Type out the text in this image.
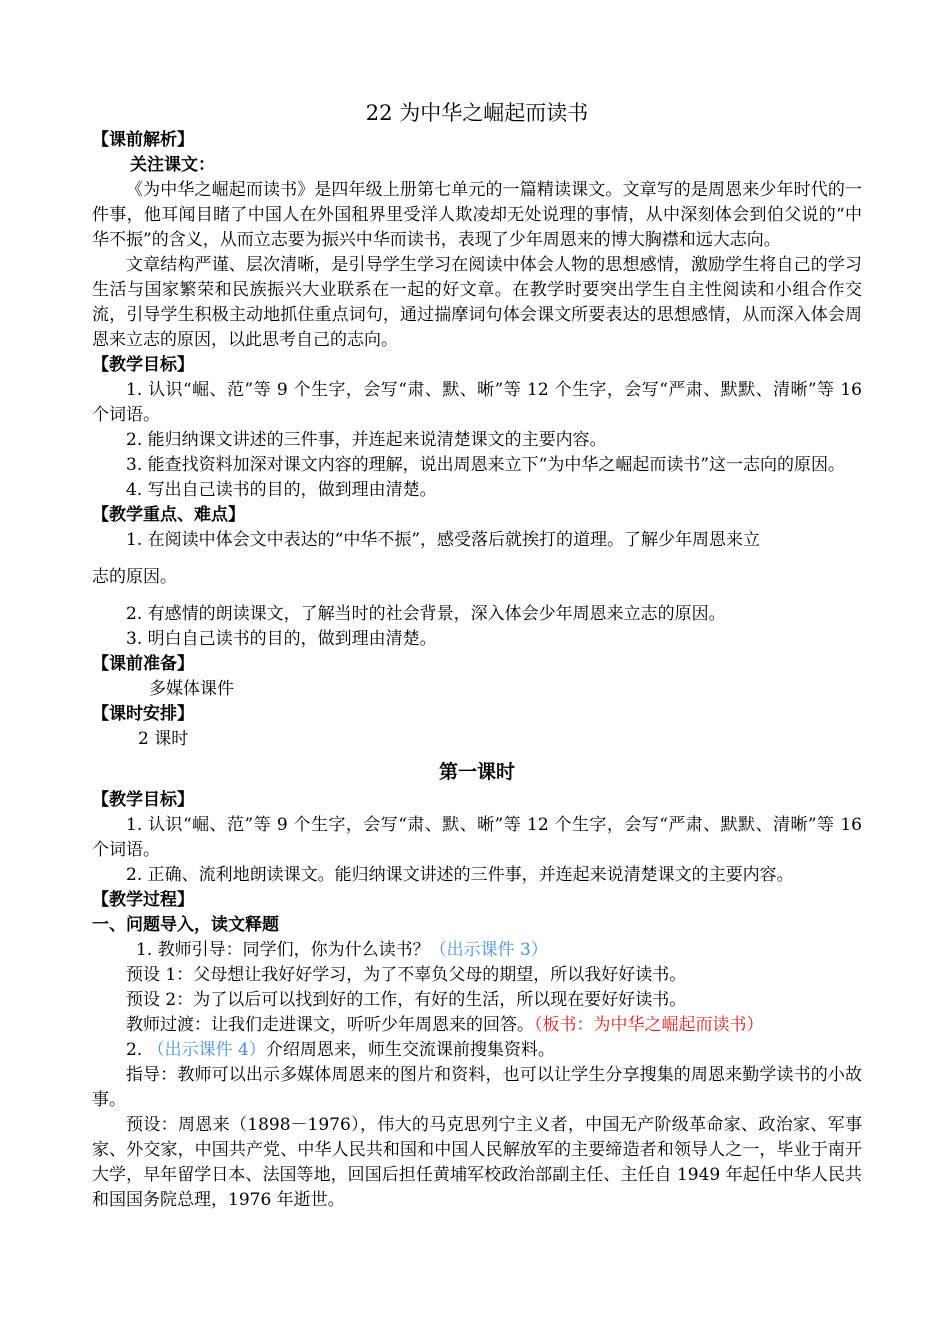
22 为中华之崛起而读书
【课前解析】
关注课文：
《为中华之崛起而读书》是四年级上册第七单元的一篇精读课文。文章写的是周恩来少年时代的一件事，他耳闻目睹了中国人在外国租界里受洋人欺凌却无处说理的事情，从中深刻体会到伯父说的“中华不振”的含义，从而立志要为振兴中华而读书，表现了少年周恩来的博大胸襟和远大志向。
文章结构严谨、层次清晰，是引导学生学习在阅读中体会人物的思想感情，激励学生将自己的学习生活与国家繁荣和民族振兴大业联系在一起的好文章。在教学时要突出学生自主性阅读和小组合作交流，引导学生积极主动地抓住重点词句，通过揣摩词句体会课文所要表达的思想感情，从而深入体会周恩来立志的原因，以此思考自己的志向。
【教学目标】
1. 认识“崛、范”等 9 个生字，会写“肃、默、晰”等 12 个生字，会写“严肃、默默、清晰”等 16 个词语。
2. 能归纳课文讲述的三件事，并连起来说清楚课文的主要内容。
3. 能查找资料加深对课文内容的理解，说出周恩来立下“为中华之崛起而读书”这一志向的原因。
4. 写出自己读书的目的，做到理由清楚。
【教学重点、难点】
1. 在阅读中体会文中表达的“中华不振”，感受落后就挨打的道理。了解少年周恩来立
志的原因。
2. 有感情的朗读课文，了解当时的社会背景，深入体会少年周恩来立志的原因。
3. 明白自己读书的目的，做到理由清楚。
【课前准备】
多媒体课件
【课时安排】
2 课时
第一课时
【教学目标】
1. 认识“崛、范”等 9 个生字，会写“肃、默、晰”等 12 个生字，会写“严肃、默默、清晰”等 16 个词语。
2. 正确、流利地朗读课文。能归纳课文讲述的三件事，并连起来说清楚课文的主要内容。
【教学过程】
一、问题导入，读文释题
1. 教师引导：同学们，你为什么读书？（出示课件 3）
预设 1：父母想让我好好学习，为了不辜负父母的期望，所以我好好读书。
预设 2：为了以后可以找到好的工作，有好的生活，所以现在要好好读书。
教师过渡：让我们走进课文，听听少年周恩来的回答。（板书：为中华之崛起而读书）
2. （出示课件 4）介绍周恩来，师生交流课前搜集资料。
指导：教师可以出示多媒体周恩来的图片和资料，也可以让学生分享搜集的周恩来勤学读书的小故事。
预设：周恩来（1898－1976），伟大的马克思列宁主义者，中国无产阶级革命家、政治家、军事家、外交家，中国共产党、中华人民共和国和中国人民解放军的主要缔造者和领导人之一，毕业于南开大学，早年留学日本、法国等地，回国后担任黄埔军校政治部副主任、主任自 1949 年起任中华人民共和国国务院总理，1976 年逝世。
